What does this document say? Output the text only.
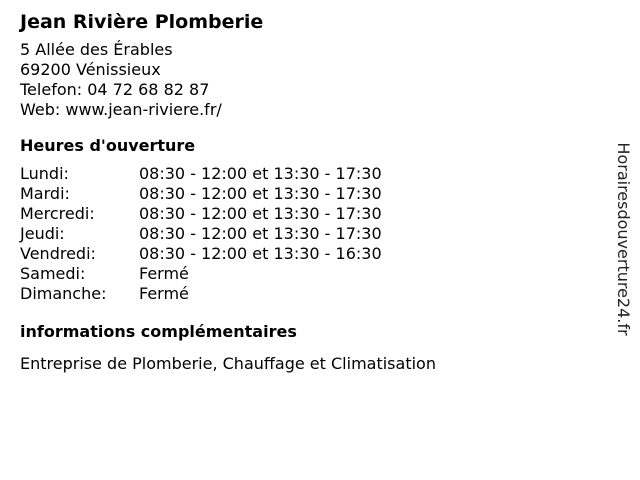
Jean Rivière Plomberie
5 Allée des Érables
69200 Vénissieux
Telefon: 04 72 68 82 87
Web: www.jean-riviere.fr/
Heures d'ouverture
Lundi:	08:30 - 12:00 et 13:30 - 17:30
Mardi:	08:30 - 12:00 et 13:30 - 17:30
Mercredi:	08:30 - 12:00 et 13:30 - 17:30
Jeudi:	08:30 - 12:00 et 13:30 - 17:30
Vendredi:	08:30 - 12:00 et 13:30 - 16:30
Samedi:	Fermé
Dimanche:	Fermé
informations complémentaires
Entreprise de Plomberie, Chauffage et Climatisation
Horairesdouverture24.fr
